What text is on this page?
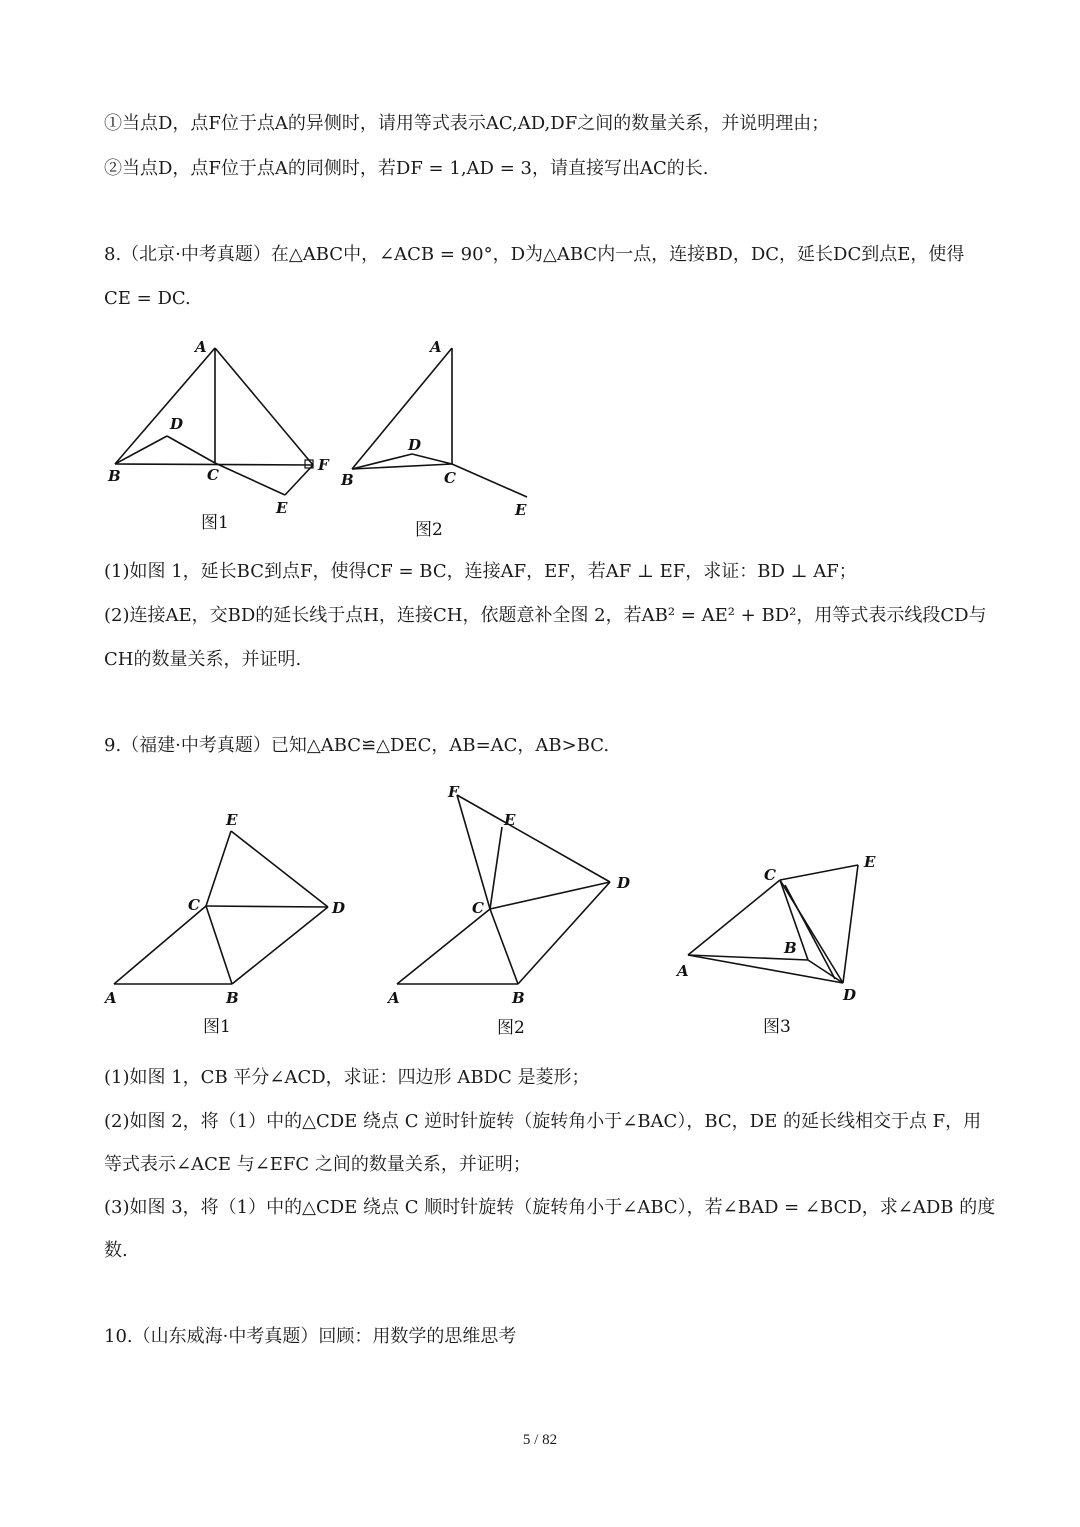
①当点D，点F位于点A的异侧时，请用等式表示AC,AD,DF之间的数量关系，并说明理由；
②当点D，点F位于点A的同侧时，若DF = 1,AD = 3，请直接写出AC的长.
8.（北京·中考真题）在△ABC中，∠ACB = 90°，D为△ABC内一点，连接BD，DC，延长DC到点E，使得
CE = DC.
A
D
B	C
F
E
图1
A
D
B	C
E
图2
(1)如图 1，延长BC到点F，使得CF = BC，连接AF，EF，若AF ⊥ EF，求证：BD ⊥ AF；
(2)连接AE，交BD的延长线于点H，连接CH，依题意补全图 2，若AB² = AE² + BD²，用等式表示线段CD与
CH的数量关系，并证明.
9.（福建·中考真题）已知△ABC≌△DEC，AB=AC，AB>BC.
A	B
C	D
E
图1
A	B
C
D
E
F
图2
A
B
C
D
E
图3
(1)如图 1，CB 平分∠ACD，求证：四边形 ABDC 是菱形；
(2)如图 2，将（1）中的△CDE 绕点 C 逆时针旋转（旋转角小于∠BAC），BC，DE 的延长线相交于点 F，用
等式表示∠ACE 与∠EFC 之间的数量关系，并证明；
(3)如图 3，将（1）中的△CDE 绕点 C 顺时针旋转（旋转角小于∠ABC），若∠BAD = ∠BCD，求∠ADB 的度
数.
10.（山东威海·中考真题）回顾：用数学的思维思考
5 / 82
